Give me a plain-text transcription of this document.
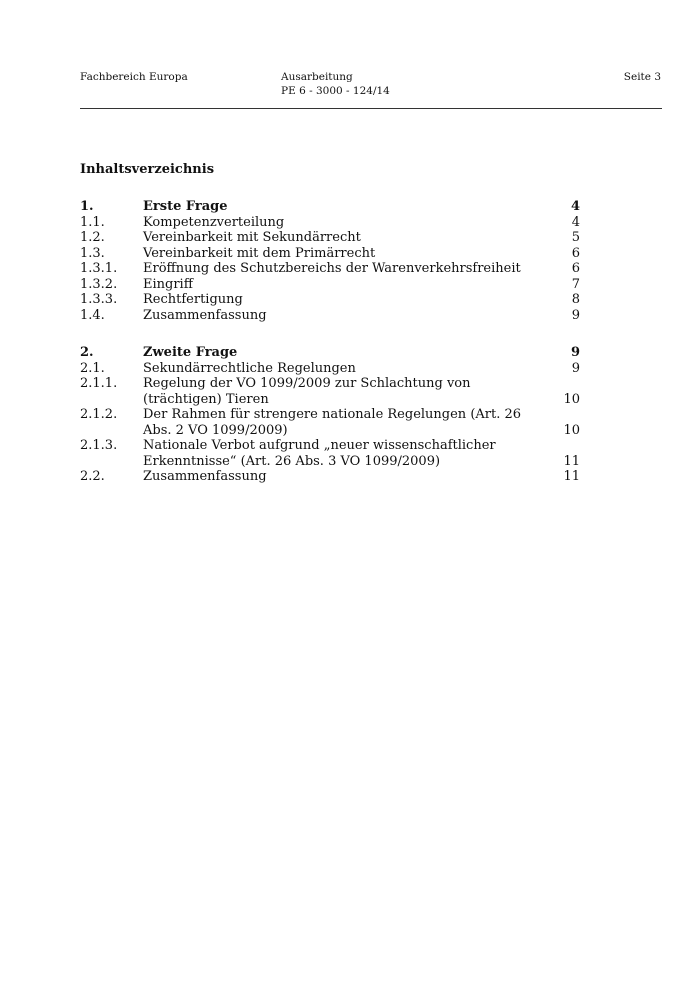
Fachbereich Europa	Ausarbeitung
PE 6 - 3000 - 124/14
Seite 3
Inhaltsverzeichnis
1.	Erste Frage	4
1.1.	Kompetenzverteilung	4
1.2.	Vereinbarkeit mit Sekundärrecht	5
1.3.	Vereinbarkeit mit dem Primärrecht	6
1.3.1. Eröffnung des Schutzbereichs der Warenverkehrsfreiheit	6
1.3.2. Eingriff	7
1.3.3. Rechtfertigung	8
1.4.	Zusammenfassung	9
2.	Zweite Frage	9
2.1.	Sekundärrechtliche Regelungen	9
2.1.1. Regelung der VO 1099/2009 zur Schlachtung von (trächtigen) Tieren	10
2.1.2. Der Rahmen für strengere nationale Regelungen (Art. 26 Abs. 2 VO 1099/2009)	10
2.1.3. Nationale Verbot aufgrund „neuer wissenschaftlicher Erkenntnisse“ (Art. 26 Abs. 3 VO 1099/2009)	11
2.2.	Zusammenfassung	11
